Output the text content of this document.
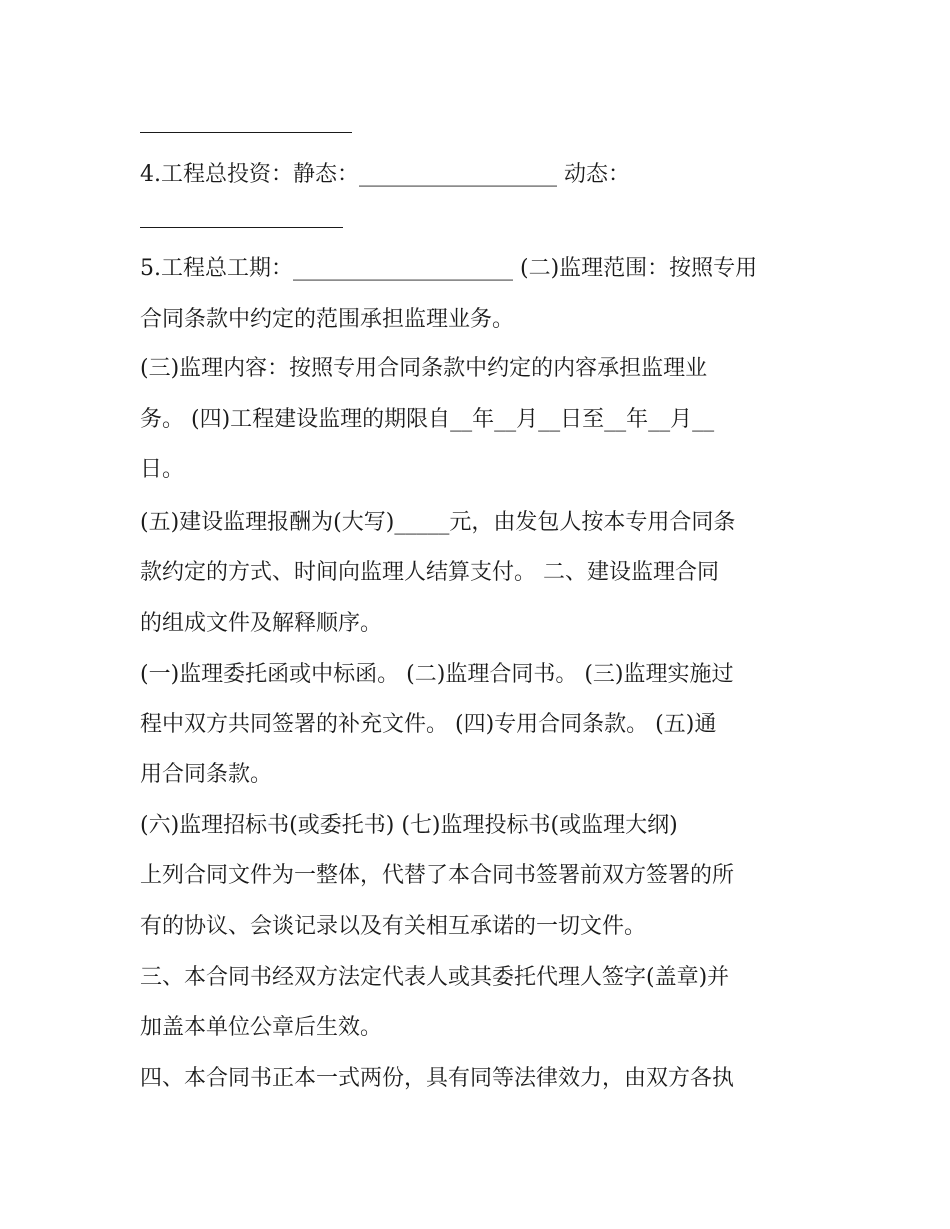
4.工程总投资：静态：__________________ 动态：
5.工程总工期：____________________ (二)监理范围：按照专用
合同条款中约定的范围承担监理业务。
(三)监理内容：按照专用合同条款中约定的内容承担监理业
务。 (四)工程建设监理的期限自__年__月__日至__年__月__
日。
(五)建设监理报酬为(大写)_____元，由发包人按本专用合同条
款约定的方式、时间向监理人结算支付。 二、建设监理合同
的组成文件及解释顺序。
(一)监理委托函或中标函。 (二)监理合同书。 (三)监理实施过
程中双方共同签署的补充文件。 (四)专用合同条款。 (五)通
用合同条款。
(六)监理招标书(或委托书) (七)监理投标书(或监理大纲)
上列合同文件为一整体，代替了本合同书签署前双方签署的所
有的协议、会谈记录以及有关相互承诺的一切文件。
三、本合同书经双方法定代表人或其委托代理人签字(盖章)并
加盖本单位公章后生效。
四、本合同书正本一式两份，具有同等法律效力，由双方各执
